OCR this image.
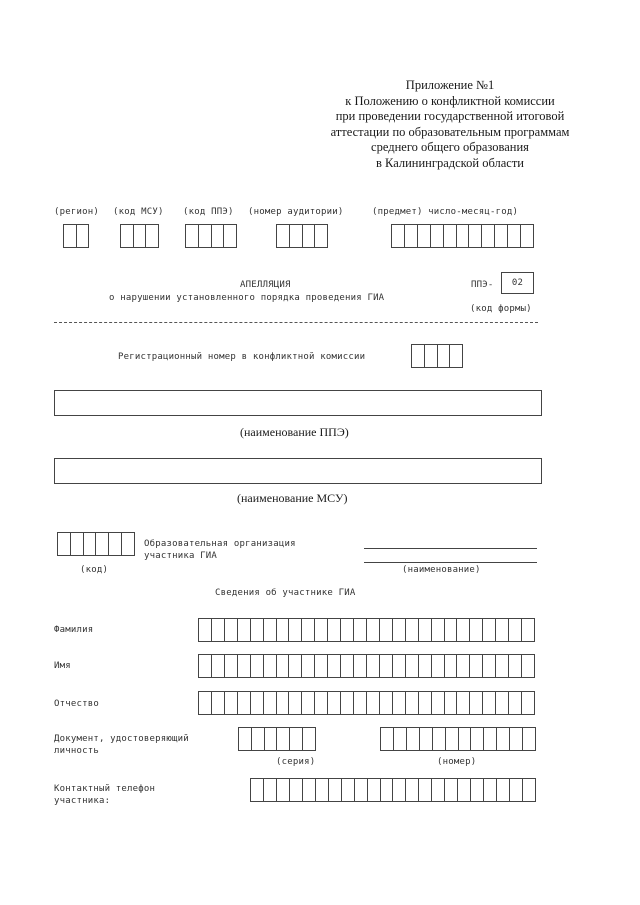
Приложение №1
к Положению о конфликтной комиссии
при проведении государственной итоговой
аттестации по образовательным программам
среднего общего образования
в Калининградской области
(регион) (код МСУ) (код ППЭ) (номер аудитории)	(предмет) число-месяц-год)
АПЕЛЛЯЦИЯ
о нарушении установленного порядка проведения ГИА
ППЭ-	02
(код формы)
Регистрационный номер в конфликтной комиссии
(наименование ППЭ)
(наименование МСУ)
(код)
Образовательная организация
участника ГИА
(наименование)
Сведения об участнике ГИА
Фамилия
Имя
Отчество
Документ, удостоверяющий
личность
(серия)	(номер)
Контактный телефон
участника:
